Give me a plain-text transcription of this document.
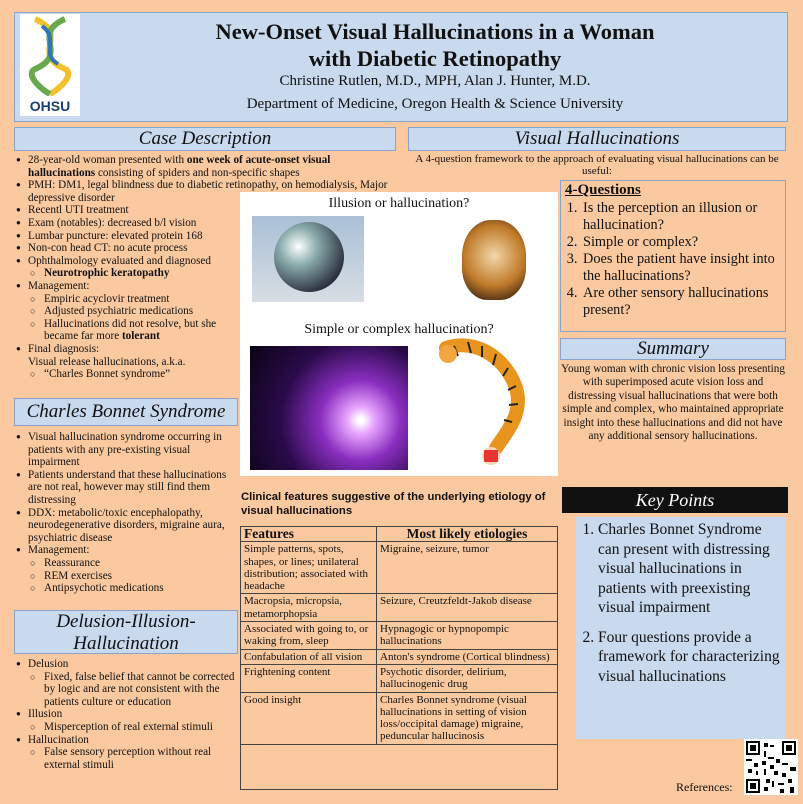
OHSU
New-Onset Visual Hallucinations in a Woman
with Diabetic Retinopathy
Christine Rutlen, M.D., MPH, Alan J. Hunter, M.D.
Department of Medicine, Oregon Health & Science University
Case Description
● 28-year-old woman presented with one week of acute-onset visual hallucinations consisting of spiders and non-specific shapes
● PMH: DM1, legal blindness due to diabetic retinopathy, on hemodialysis, Major depressive disorder
● Recentl UTI treatment
● Exam (notables): decreased b/l vision
● Lumbar puncture: elevated protein 168
● Non-con head CT: no acute process
● Ophthalmology evaluated and diagnosed
○ Neurotrophic keratopathy
● Management:
○ Empiric acyclovir treatment
○ Adjusted psychiatric medications
○ Hallucinations did not resolve, but she became far more tolerant
● Final diagnosis:
Visual release hallucinations, a.k.a.
○ “Charles Bonnet syndrome”
Charles Bonnet Syndrome
● Visual hallucination syndrome occurring in patients with any pre-existing visual impairment
● Patients understand that these hallucinations are not real, however may still find them distressing
● DDX: metabolic/toxic encephalopathy, neurodegenerative disorders, migraine aura, psychiatric disease
● Management:
○ Reassurance
○ REM exercises
○ Antipsychotic medications
Delusion-Illusion-
Hallucination
● Delusion
○ Fixed, false belief that cannot be corrected by logic and are not consistent with the patients culture or education
● Illusion
○ Misperception of real external stimuli
● Hallucination
○ False sensory perception without real external stimuli
Visual Hallucinations
A 4-question framework to the approach of evaluating visual hallucinations can be useful:
Illusion or hallucination?
Simple or complex hallucination?
4-Questions
1. Is the perception an illusion or hallucination?
2. Simple or complex?
3. Does the patient have insight into the hallucinations?
4. Are other sensory hallucinations present?
Summary
Young woman with chronic vision loss presenting with superimposed acute vision loss and distressing visual hallucinations that were both simple and complex, who maintained appropriate insight into these hallucinations and did not have any additional sensory hallucinations.
Clinical features suggestive of the underlying etiology of visual hallucinations
Features	Most likely etiologies
Simple patterns, spots, shapes, or lines; unilateral distribution; associated with headache	Migraine, seizure, tumor
Macropsia, micropsia, metamorphopsia	Seizure, Creutzfeldt-Jakob disease
Associated with going to, or waking from, sleep	Hypnagogic or hypnopompic hallucinations
Confabulation of all vision	Anton's syndrome (Cortical blindness)
Frightening content	Psychotic disorder, delirium, hallucinogenic drug
Good insight	Charles Bonnet syndrome (visual hallucinations in setting of vision loss/occipital damage) migraine, peduncular hallucinosis
Key Points
1. Charles Bonnet Syndrome can present with distressing visual hallucinations in patients with preexisting visual impairment
2. Four questions provide a framework for characterizing visual hallucinations
References:
